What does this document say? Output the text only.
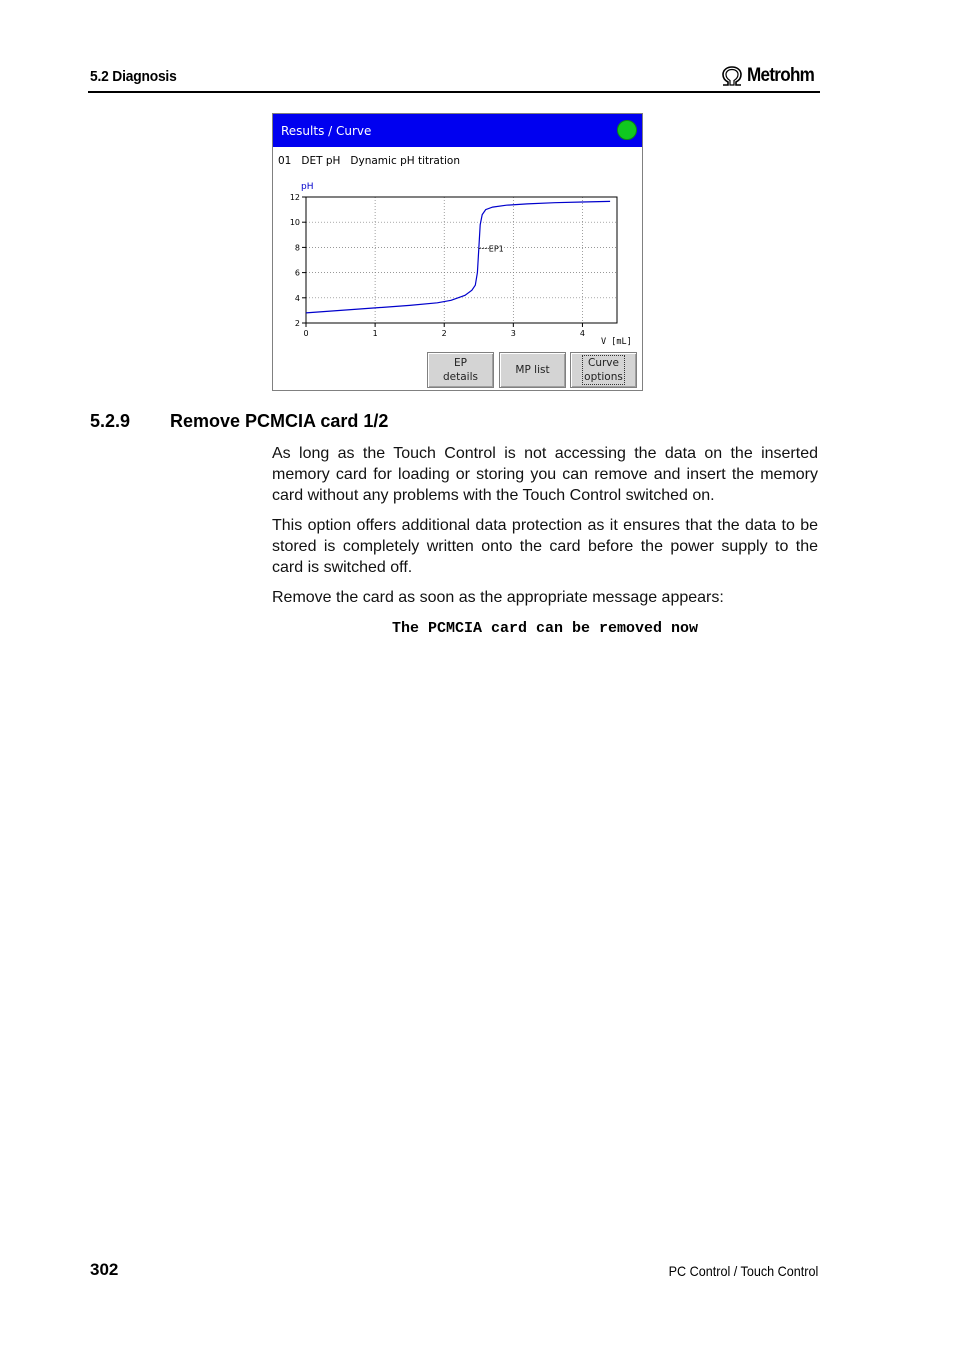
5.2 Diagnosis	Metrohm
Results / Curve
01   DET pH   Dynamic pH titration
2
4
6
8
10
12
0	1	2	3	4
pH
V [mL]
EP1
EP
details
MP list
Curve
options
5.2.9 Remove PCMCIA card 1/2

As long as the Touch Control is not accessing the data on the inserted memory card for loading or storing you can remove and insert the memory card without any problems with the Touch Control switched on.

This option offers additional data protection as it ensures that the data to be stored is completely written onto the card before the power supply to the card is switched off.

Remove the card as soon as the appropriate message appears:

The PCMCIA card can be removed now
302	PC Control / Touch Control
